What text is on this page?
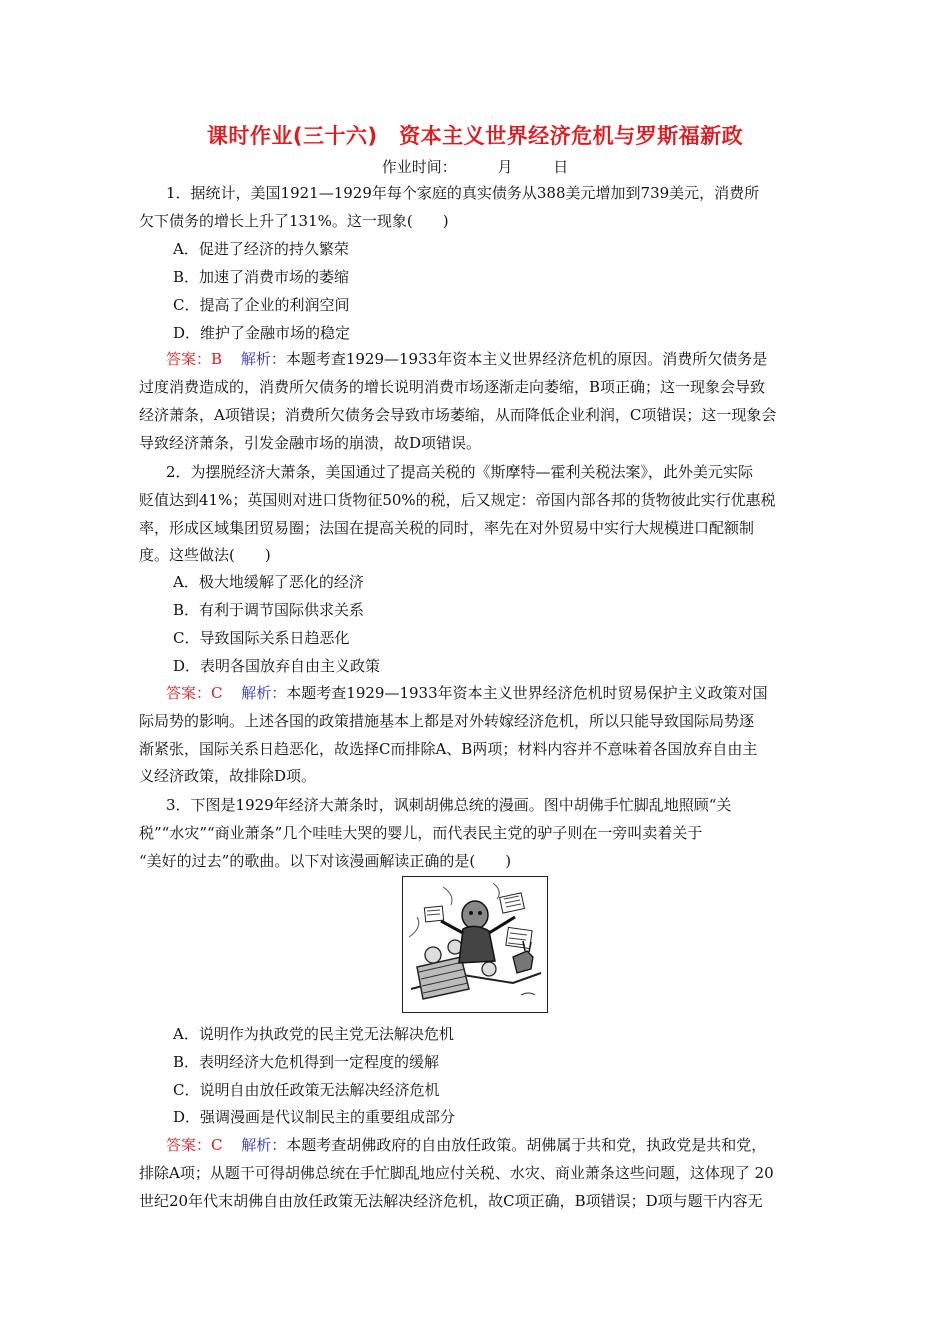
课时作业(三十六)　资本主义世界经济危机与罗斯福新政
作业时间：	月	日
1．据统计，美国1921—1929年每个家庭的真实债务从388美元增加到739美元，消费所
欠下债务的增长上升了131%。这一现象(　　)
A．促进了经济的持久繁荣
B．加速了消费市场的萎缩
C．提高了企业的利润空间
D．维护了金融市场的稳定
答案：B 解析：本题考查1929—1933年资本主义世界经济危机的原因。消费所欠债务是
过度消费造成的，消费所欠债务的增长说明消费市场逐渐走向萎缩，B项正确；这一现象会导致
经济萧条，A项错误；消费所欠债务会导致市场萎缩，从而降低企业利润，C项错误；这一现象会
导致经济萧条，引发金融市场的崩溃，故D项错误。
2．为摆脱经济大萧条，美国通过了提高关税的《斯摩特—霍利关税法案》，此外美元实际
贬值达到41%；英国则对进口货物征50%的税，后又规定：帝国内部各邦的货物彼此实行优惠税
率，形成区域集团贸易圈；法国在提高关税的同时，率先在对外贸易中实行大规模进口配额制
度。这些做法(　　)
A．极大地缓解了恶化的经济
B．有利于调节国际供求关系
C．导致国际关系日趋恶化
D．表明各国放弃自由主义政策
答案：C 解析：本题考查1929—1933年资本主义世界经济危机时贸易保护主义政策对国
际局势的影响。上述各国的政策措施基本上都是对外转嫁经济危机，所以只能导致国际局势逐
渐紧张，国际关系日趋恶化，故选择C而排除A、B两项；材料内容并不意味着各国放弃自由主
义经济政策，故排除D项。
3．下图是1929年经济大萧条时，讽刺胡佛总统的漫画。图中胡佛手忙脚乱地照顾“关
税”“水灾”“商业萧条”几个哇哇大哭的婴儿，而代表民主党的驴子则在一旁叫卖着关于
“美好的过去”的歌曲。以下对该漫画解读正确的是(　　)
A．说明作为执政党的民主党无法解决危机
B．表明经济大危机得到一定程度的缓解
C．说明自由放任政策无法解决经济危机
D．强调漫画是代议制民主的重要组成部分
答案：C 解析：本题考查胡佛政府的自由放任政策。胡佛属于共和党，执政党是共和党，
排除A项；从题干可得胡佛总统在手忙脚乱地应付关税、水灾、商业萧条这些问题，这体现了 20
世纪20年代末胡佛自由放任政策无法解决经济危机，故C项正确，B项错误；D项与题干内容无
